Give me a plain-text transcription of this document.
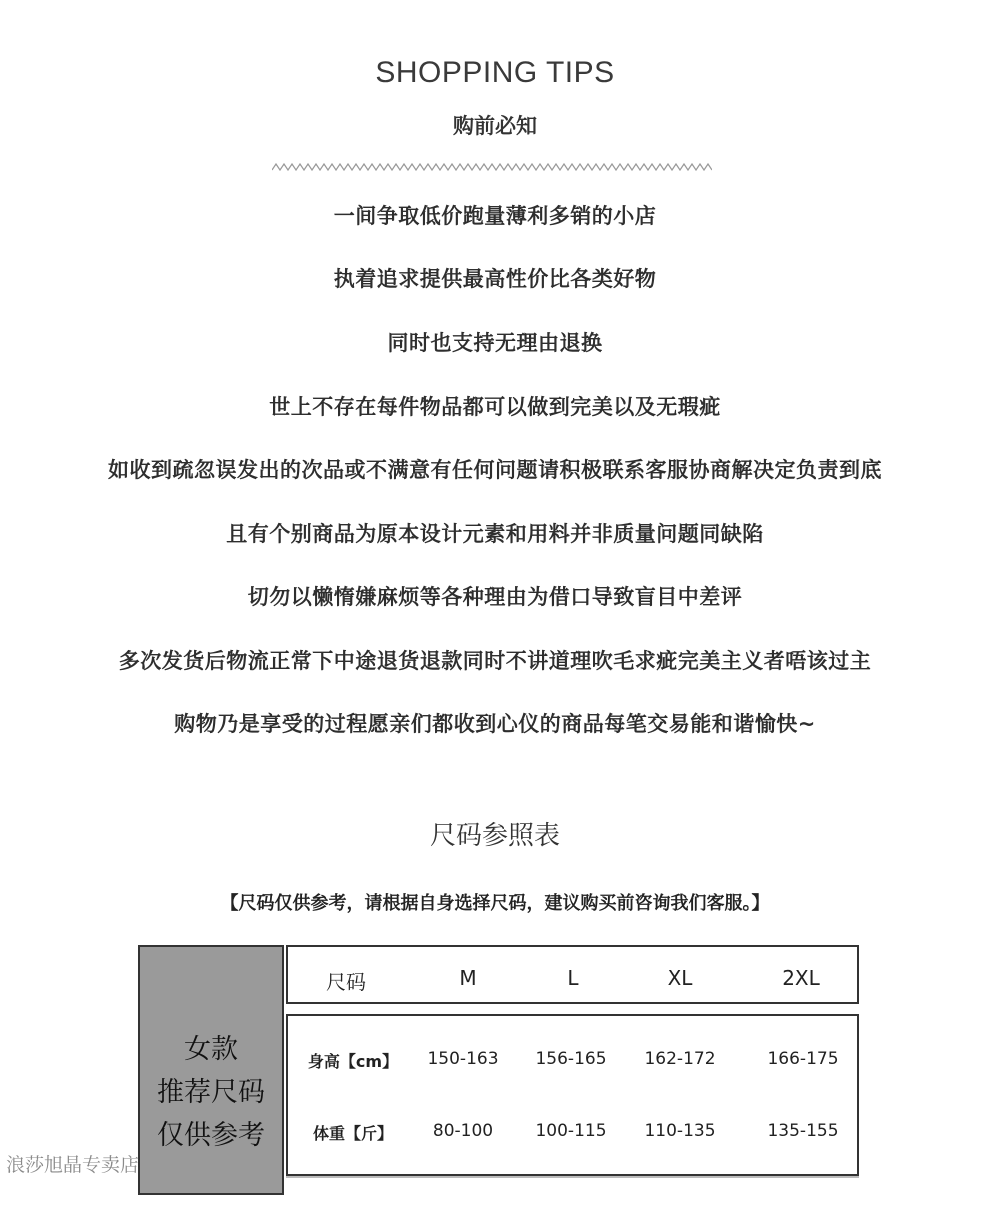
SHOPPING TIPS
购前必知
一间争取低价跑量薄利多销的小店
执着追求提供最高性价比各类好物
同时也支持无理由退换
世上不存在每件物品都可以做到完美以及无瑕疵
如收到疏忽误发出的次品或不满意有任何问题请积极联系客服协商解决定负责到底
且有个别商品为原本设计元素和用料并非质量问题同缺陷
切勿以懒惰嫌麻烦等各种理由为借口导致盲目中差评
多次发货后物流正常下中途退货退款同时不讲道理吹毛求疵完美主义者唔该过主
购物乃是享受的过程愿亲们都收到心仪的商品每笔交易能和谐愉快~
尺码参照表
【尺码仅供参考，请根据自身选择尺码，建议购买前咨询我们客服。】
女款
推荐尺码
仅供参考
尺码	M	L	XL	2XL
身高【cm】	150-163	156-165	162-172	166-175
体重【斤】	80-100	100-115	110-135	135-155
浪莎旭晶专卖店
